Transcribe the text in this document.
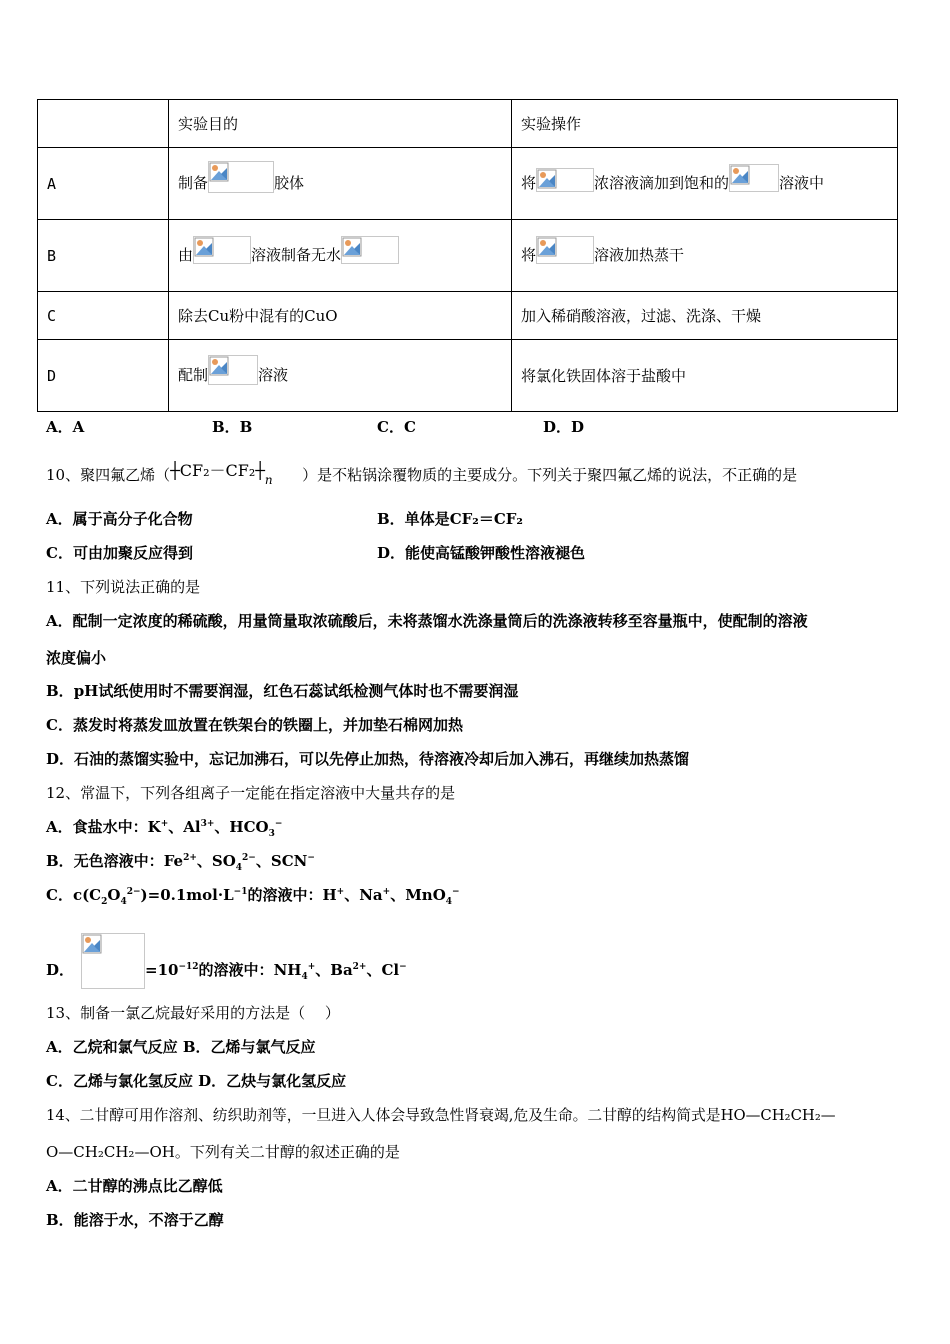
	实验目的	实验操作
A	制备 胶体	将 浓溶液滴加到饱和的 溶液中
B	由 溶液制备无水	将 溶液加热蒸干
C	除去Cu粉中混有的CuO	加入稀硝酸溶液，过滤、洗涤、干燥
D	配制 溶液	将氯化铁固体溶于盐酸中
A．A	B．B	C．C	D．D
10、聚四氟乙烯（$┼CF_2-CF_2┼_n$ ）是不粘锅涂覆物质的主要成分。下列关于聚四氟乙烯的说法，不正确的是
A．属于高分子化合物	B．单体是CF₂＝CF₂
C．可由加聚反应得到	D．能使高锰酸钾酸性溶液褪色
11、下列说法正确的是
A．配制一定浓度的稀硫酸，用量筒量取浓硫酸后，未将蒸馏水洗涤量筒后的洗涤液转移至容量瓶中，使配制的溶液
浓度偏小
B．pH试纸使用时不需要润湿，红色石蕊试纸检测气体时也不需要润湿
C．蒸发时将蒸发皿放置在铁架台的铁圈上，并加垫石棉网加热
D．石油的蒸馏实验中，忘记加沸石，可以先停止加热，待溶液冷却后加入沸石，再继续加热蒸馏
12、常温下，下列各组离子一定能在指定溶液中大量共存的是
A．食盐水中：K+、$Al^{3+}$、$HCO_3^-$
B．无色溶液中：$Fe^{2+}$、$SO_4^{2-}$、SCN−
C．$c(C_2O_4^{2-})=0.1mol\cdot L^{-1}$的溶液中：H+、Na+、MnO$_4$−
D．	$=10^{-12}$的溶液中：$NH_4^+$、$Ba^{2+}$、Cl−
13、制备一氯乙烷最好采用的方法是（　 ）
A．乙烷和氯气反应 B．乙烯与氯气反应
C．乙烯与氯化氢反应 D．乙炔与氯化氢反应
14、二甘醇可用作溶剂、纺织助剂等，一旦进入人体会导致急性肾衰竭,危及生命。二甘醇的结构简式是HO—CH₂CH₂—
O—CH₂CH₂—OH。下列有关二甘醇的叙述正确的是
A．二甘醇的沸点比乙醇低
B．能溶于水，不溶于乙醇
